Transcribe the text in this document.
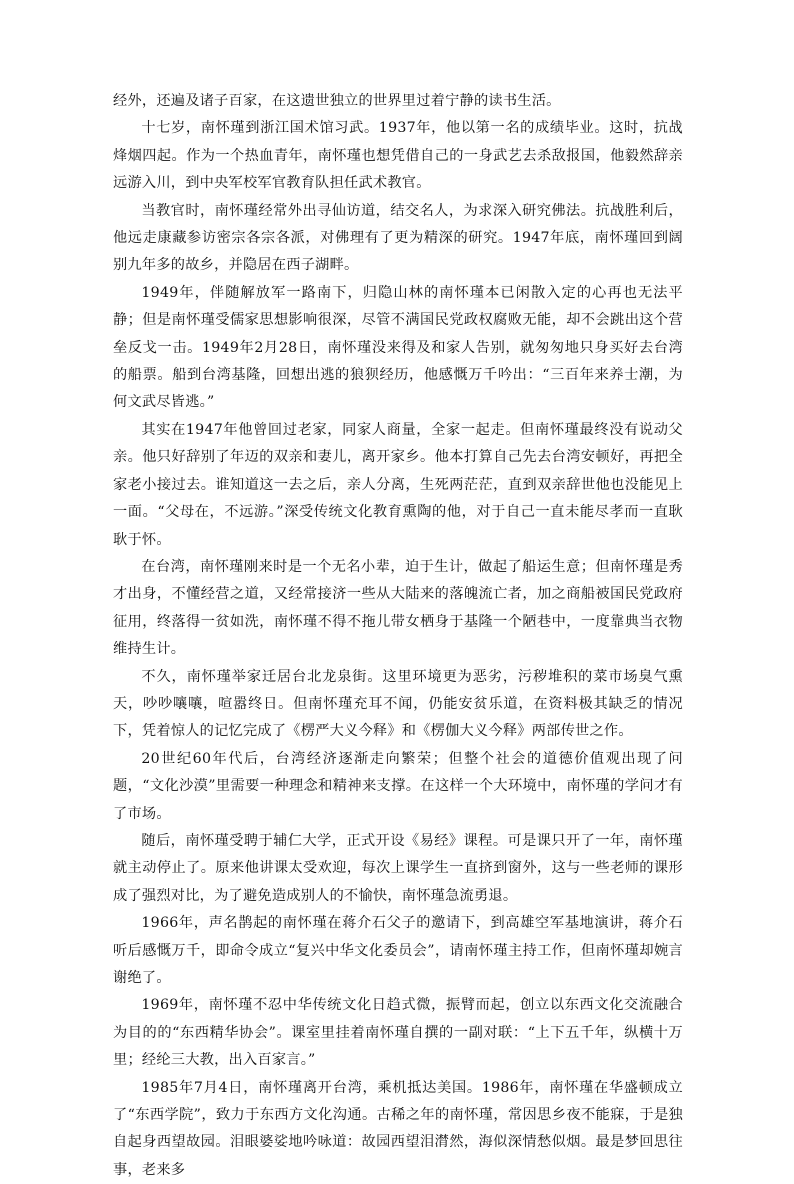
经外，还遍及诸子百家，在这遗世独立的世界里过着宁静的读书生活。

十七岁，南怀瑾到浙江国术馆习武。1937年，他以第一名的成绩毕业。这时，抗战烽烟四起。作为一个热血青年，南怀瑾也想凭借自己的一身武艺去杀敌报国，他毅然辞亲远游入川，到中央军校军官教育队担任武术教官。

当教官时，南怀瑾经常外出寻仙访道，结交名人，为求深入研究佛法。抗战胜利后，他远走康藏参访密宗各宗各派，对佛理有了更为精深的研究。1947年底，南怀瑾回到阔别九年多的故乡，并隐居在西子湖畔。

1949年，伴随解放军一路南下，归隐山林的南怀瑾本已闲散入定的心再也无法平静；但是南怀瑾受儒家思想影响很深，尽管不满国民党政权腐败无能，却不会跳出这个营垒反戈一击。1949年2月28日，南怀瑾没来得及和家人告别，就匆匆地只身买好去台湾的船票。船到台湾基隆，回想出逃的狼狈经历，他感慨万千吟出：“三百年来养士潮，为何文武尽皆逃。”

其实在1947年他曾回过老家，同家人商量，全家一起走。但南怀瑾最终没有说动父亲。他只好辞别了年迈的双亲和妻儿，离开家乡。他本打算自己先去台湾安顿好，再把全家老小接过去。谁知道这一去之后，亲人分离，生死两茫茫，直到双亲辞世他也没能见上一面。“父母在，不远游。”深受传统文化教育熏陶的他，对于自己一直未能尽孝而一直耿耿于怀。

在台湾，南怀瑾刚来时是一个无名小辈，迫于生计，做起了船运生意；但南怀瑾是秀才出身，不懂经营之道，又经常接济一些从大陆来的落魄流亡者，加之商船被国民党政府征用，终落得一贫如洗，南怀瑾不得不拖儿带女栖身于基隆一个陋巷中，一度靠典当衣物维持生计。

不久，南怀瑾举家迁居台北龙泉街。这里环境更为恶劣，污秽堆积的菜市场臭气熏天，吵吵嚷嚷，喧嚣终日。但南怀瑾充耳不闻，仍能安贫乐道，在资料极其缺乏的情况下，凭着惊人的记忆完成了《楞严大义今释》和《楞伽大义今释》两部传世之作。

20世纪60年代后，台湾经济逐渐走向繁荣；但整个社会的道德价值观出现了问题，“文化沙漠”里需要一种理念和精神来支撑。在这样一个大环境中，南怀瑾的学问才有了市场。

随后，南怀瑾受聘于辅仁大学，正式开设《易经》课程。可是课只开了一年，南怀瑾就主动停止了。原来他讲课太受欢迎，每次上课学生一直挤到窗外，这与一些老师的课形成了强烈对比，为了避免造成别人的不愉快，南怀瑾急流勇退。

1966年，声名鹊起的南怀瑾在蒋介石父子的邀请下，到高雄空军基地演讲，蒋介石听后感慨万千，即命令成立“复兴中华文化委员会”，请南怀瑾主持工作，但南怀瑾却婉言谢绝了。

1969年，南怀瑾不忍中华传统文化日趋式微，振臂而起，创立以东西文化交流融合为目的的“东西精华协会”。课室里挂着南怀瑾自撰的一副对联：“上下五千年，纵横十万里；经纶三大教，出入百家言。”

1985年7月4日，南怀瑾离开台湾，乘机抵达美国。1986年，南怀瑾在华盛顿成立了“东西学院”，致力于东西方文化沟通。古稀之年的南怀瑾，常因思乡夜不能寐，于是独自起身西望故园。泪眼婆娑地吟咏道：故园西望泪潸然，海似深情愁似烟。最是梦回思往事，老来多
